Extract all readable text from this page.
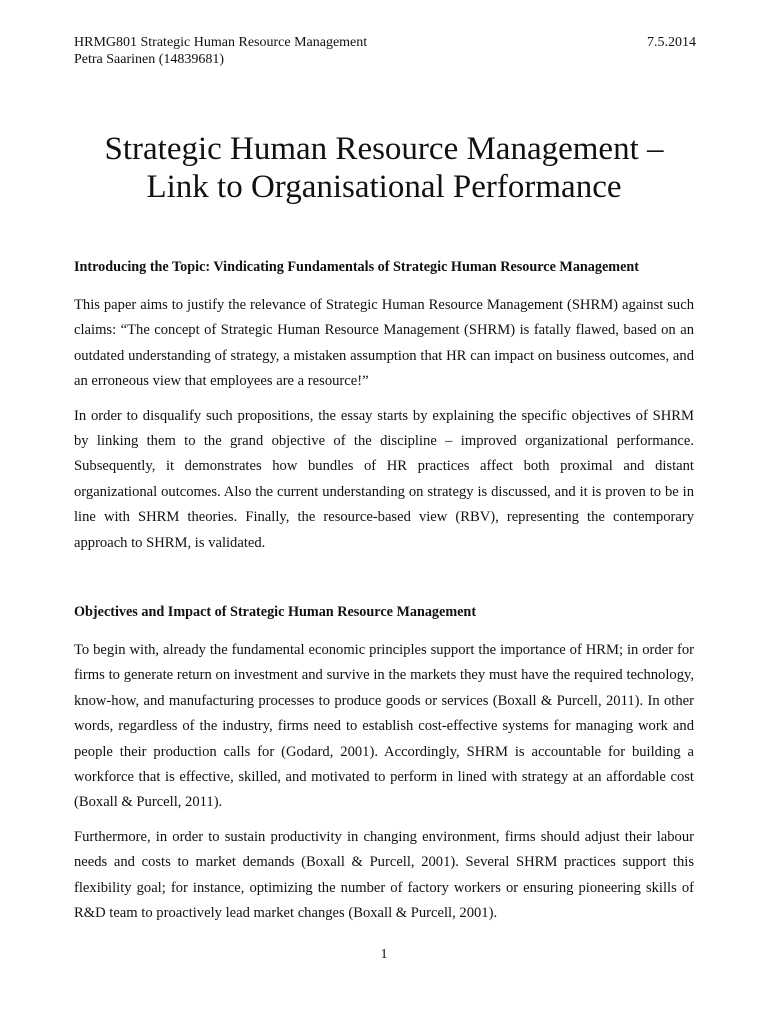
HRMG801 Strategic Human Resource Management	7.5.2014
Petra Saarinen (14839681)
Strategic Human Resource Management –
Link to Organisational Performance

Introducing the Topic: Vindicating Fundamentals of Strategic Human Resource Management

This paper aims to justify the relevance of Strategic Human Resource Management (SHRM) against such claims: “The concept of Strategic Human Resource Management (SHRM) is fatally flawed, based on an outdated understanding of strategy, a mistaken assumption that HR can impact on business outcomes, and an erroneous view that employees are a resource!”

In order to disqualify such propositions, the essay starts by explaining the specific objectives of SHRM by linking them to the grand objective of the discipline – improved organizational performance. Subsequently, it demonstrates how bundles of HR practices affect both proximal and distant organizational outcomes. Also the current understanding on strategy is discussed, and it is proven to be in line with SHRM theories. Finally, the resource-based view (RBV), representing the contemporary approach to SHRM, is validated.

Objectives and Impact of Strategic Human Resource Management

To begin with, already the fundamental economic principles support the importance of HRM; in order for firms to generate return on investment and survive in the markets they must have the required technology, know-how, and manufacturing processes to produce goods or services (Boxall & Purcell, 2011). In other words, regardless of the industry, firms need to establish cost-effective systems for managing work and people their production calls for (Godard, 2001). Accordingly, SHRM is accountable for building a workforce that is effective, skilled, and motivated to perform in lined with strategy at an affordable cost (Boxall & Purcell, 2011).

Furthermore, in order to sustain productivity in changing environment, firms should adjust their labour needs and costs to market demands (Boxall & Purcell, 2001). Several SHRM practices support this flexibility goal; for instance, optimizing the number of factory workers or ensuring pioneering skills of R&D team to proactively lead market changes (Boxall & Purcell, 2001).

1
